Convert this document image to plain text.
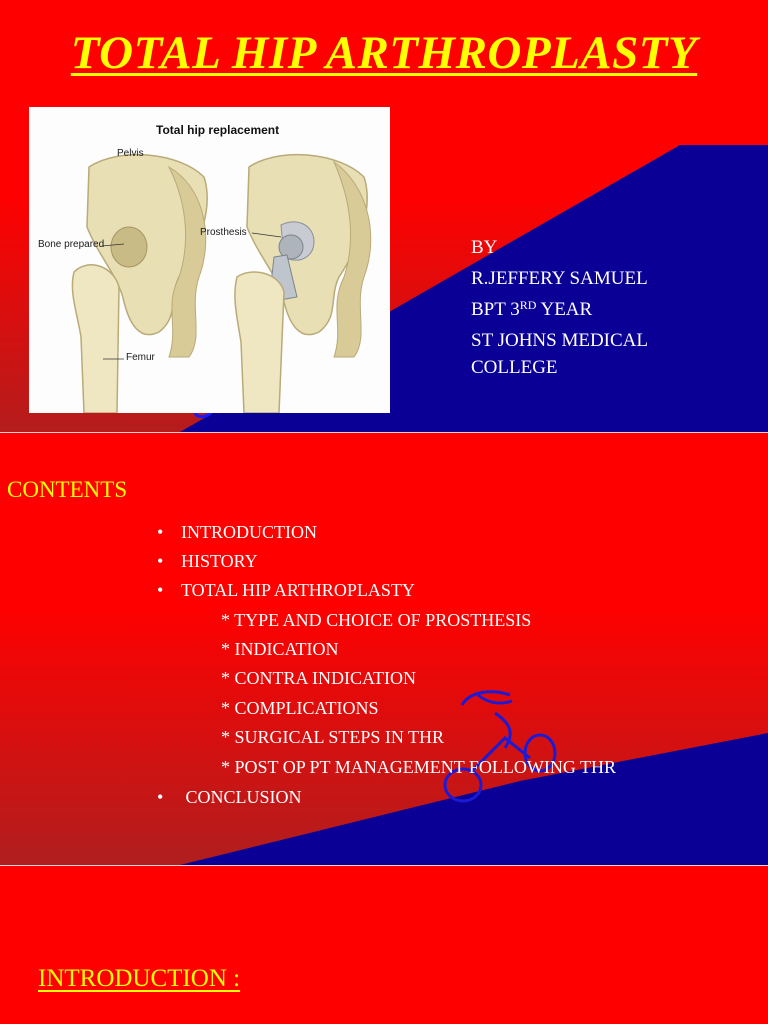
TOTAL HIP ARTHROPLASTY
Total hip replacement
Pelvis
Bone prepared
Prosthesis
Femur
BY
R.JEFFERY SAMUEL
BPT 3RD YEAR
ST JOHNS MEDICAL
COLLEGE
CONTENTS
• INTRODUCTION
• HISTORY
• TOTAL HIP ARTHROPLASTY
* TYPE AND CHOICE OF PROSTHESIS
* INDICATION
* CONTRA INDICATION
* COMPLICATIONS
* SURGICAL STEPS IN THR
* POST OP PT MANAGEMENT FOLLOWING THR
• CONCLUSION
INTRODUCTION :
